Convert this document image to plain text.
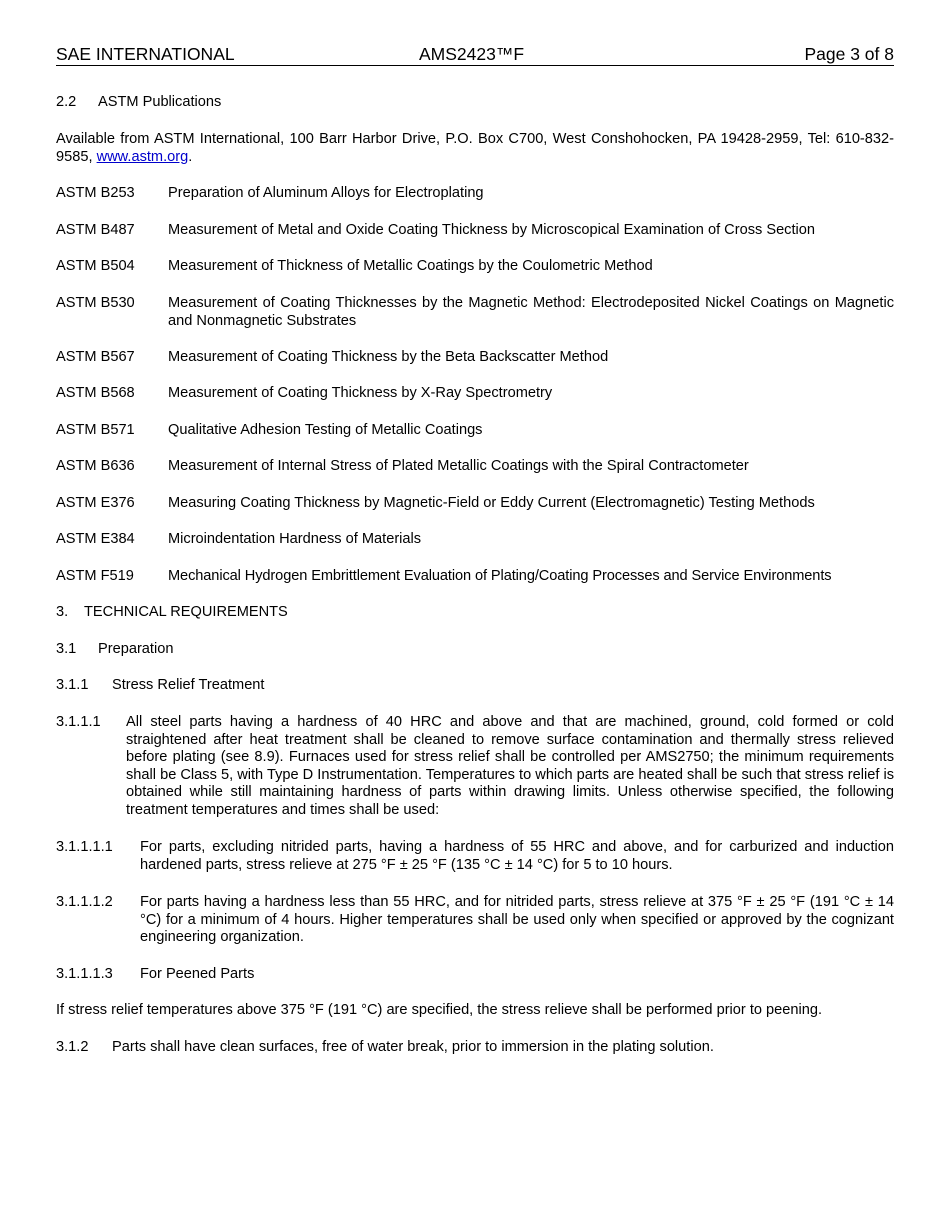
SAE INTERNATIONAL	AMS2423™F	Page 3 of 8
2.2 ASTM Publications
Available from ASTM International, 100 Barr Harbor Drive, P.O. Box C700, West Conshohocken, PA 19428-2959, Tel: 610-832-9585, www.astm.org.
ASTM B253 Preparation of Aluminum Alloys for Electroplating
ASTM B487 Measurement of Metal and Oxide Coating Thickness by Microscopical Examination of Cross Section
ASTM B504 Measurement of Thickness of Metallic Coatings by the Coulometric Method
ASTM B530 Measurement of Coating Thicknesses by the Magnetic Method: Electrodeposited Nickel Coatings on Magnetic and Nonmagnetic Substrates
ASTM B567 Measurement of Coating Thickness by the Beta Backscatter Method
ASTM B568 Measurement of Coating Thickness by X-Ray Spectrometry
ASTM B571 Qualitative Adhesion Testing of Metallic Coatings
ASTM B636 Measurement of Internal Stress of Plated Metallic Coatings with the Spiral Contractometer
ASTM E376 Measuring Coating Thickness by Magnetic-Field or Eddy Current (Electromagnetic) Testing Methods
ASTM E384 Microindentation Hardness of Materials
ASTM F519 Mechanical Hydrogen Embrittlement Evaluation of Plating/Coating Processes and Service Environments
3. TECHNICAL REQUIREMENTS
3.1 Preparation
3.1.1 Stress Relief Treatment
3.1.1.1 All steel parts having a hardness of 40 HRC and above and that are machined, ground, cold formed or cold straightened after heat treatment shall be cleaned to remove surface contamination and thermally stress relieved before plating (see 8.9). Furnaces used for stress relief shall be controlled per AMS2750; the minimum requirements shall be Class 5, with Type D Instrumentation. Temperatures to which parts are heated shall be such that stress relief is obtained while still maintaining hardness of parts within drawing limits. Unless otherwise specified, the following treatment temperatures and times shall be used:
3.1.1.1.1 For parts, excluding nitrided parts, having a hardness of 55 HRC and above, and for carburized and induction hardened parts, stress relieve at 275 °F ± 25 °F (135 °C ± 14 °C) for 5 to 10 hours.
3.1.1.1.2 For parts having a hardness less than 55 HRC, and for nitrided parts, stress relieve at 375 °F ± 25 °F (191 °C ± 14 °C) for a minimum of 4 hours. Higher temperatures shall be used only when specified or approved by the cognizant engineering organization.
3.1.1.1.3 For Peened Parts
If stress relief temperatures above 375 °F (191 °C) are specified, the stress relieve shall be performed prior to peening.
3.1.2 Parts shall have clean surfaces, free of water break, prior to immersion in the plating solution.
